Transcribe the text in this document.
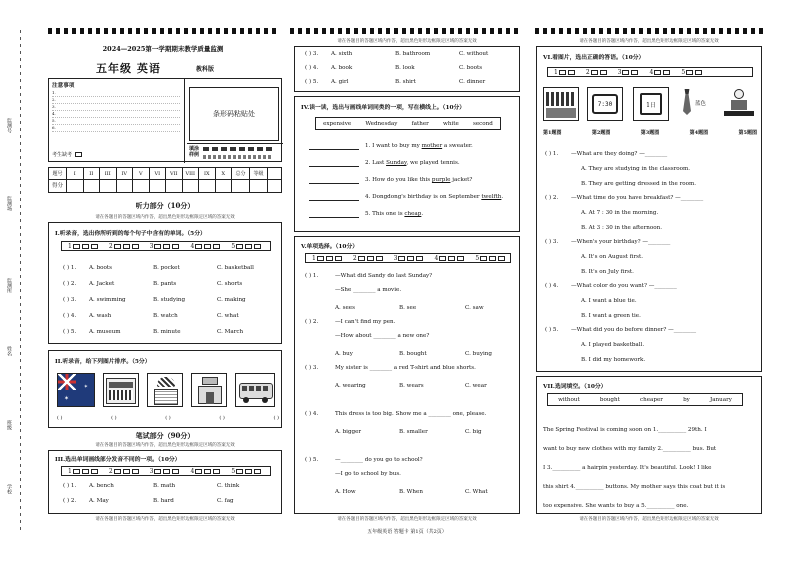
监测号
监测场
监测所
姓名
班级
学校
2024—2025第一学期期末教学质量监测
五年级 英语	教科版
注意事项
1.
2.
3.
4.
5.
6.
考生缺考
条形码粘贴处
填涂样例
题号	I	II	III	IV	V	VI	VII	VIII	IX	X	总分	等级
得分
听力部分（10分）
请在各题目的答题区域内作答，超出黑色矩形边框限定区域的答案无效
I.听录音，选出你所听到的每个句子中含有的单词。（5分）
1	2	3	4	5
( ) 1. A. boots	B. pocket	C. basketball
( ) 2. A. Jacket	B. pants	C. shorts
( ) 3. A. swimming	B. studying	C. making
( ) 4. A. wash	B. watch	C. what
( ) 5. A. museum	B. minute	C. March
II.听录音，给下列图片排序。（5分）
✶
✶
( )	( )	( )	( )	( )
笔试部分（90分）
请在各题目的答题区域内作答，超出黑色矩形边框限定区域的答案无效
III.选出单词画线部分发音不同的一项。（10分）
1	2	3	4	5
( ) 1. A. bench	B. math	C. think
( ) 2. A. May	B. hard	C. fag
请在各题目的答题区域内作答，超出黑色矩形边框限定区域的答案无效
请在各题目的答题区域内作答，超出黑色矩形边框限定区域的答案无效
( ) 3. A. sixth	B. bathroom	C. without
( ) 4. A. book	B. look	C. boots
( ) 5. A. girl	B. shirt	C. dinner
IV.读一读，选出与画线单词同类的一项，写在横线上。（10分）
expensive	Wednesday	father	white	second
1. I want to buy my mother a sweater.
2. Last Sunday, we played tennis.
3. How do you like this purple jacket?
4. Dongdong's birthday is on September twelfth.
5. This one is cheap.
V.单项选择。（10分）
1	2	3	4	5
( ) 1.	—What did Sandy do last Sunday?
—She ________ a movie.
A. sees	B. see	C. saw
( ) 2.	—I can't find my pen.
—How about ________ a new one?
A. buy	B. bought	C. buying
( ) 3.	My sister is ________ a red T-shirt and blue shorts.
A. wearing	B. wears	C. wear
( ) 4.	This dress is too big. Show me a ________ one, please.
A. bigger	B. smaller	C. big
( ) 5.	—________ do you go to school?
—I go to school by bus.
A. How	B. When	C. What
请在各题目的答题区域内作答，超出黑色矩形边框限定区域的答案无效
五年级英语 答题卡 第1页（共2页）
请在各题目的答题区域内作答，超出黑色矩形边框限定区域的答案无效
VI.看图片，选出正确的答语。（10分）
1	2	3	4	5
7:30	1日	蓝色
第1题图	第2题图	第3题图	第4题图	第5题图
( ) 1. —What are they doing? —________
A. They are studying in the classroom.
B. They are getting dressed in the room.
( ) 2. —What time do you have breakfast? —________
A. At 7 : 30 in the morning.
B. At 3 : 30 in the afternoon.
( ) 3. —When's your birthday? —________
A. It's on August first.
B. It's on July first.
( ) 4. —What color do you want? —________
A. I want a blue tie.
B. I want a green tie.
( ) 5. —What did you do before dinner? —________
A. I played basketball.
B. I did my homework.
VII.选词填空。（10分）
without	bought	cheaper	by	January
The Spring Festival is coming soon on 1.__________ 29th. I
want to buy new clothes with my family 2.__________ bus. But
I 3.__________ a hairpin yesterday. It's beautiful. Look! I like
this shirt 4.__________ buttons. My mother says this coat but it is
too expensive. She wants to buy a 5.__________ one.
请在各题目的答题区域内作答，超出黑色矩形边框限定区域的答案无效
